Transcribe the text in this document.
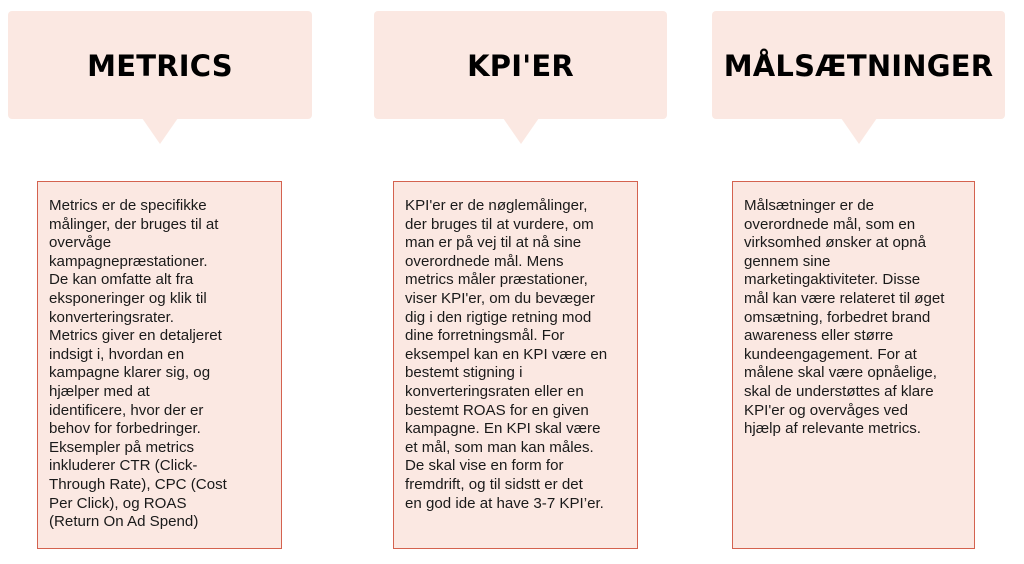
METRICS	KPI'ER	MÅLSÆTNINGER
Metrics er de specifikke
målinger, der bruges til at
overvåge
kampagnepræstationer.
De kan omfatte alt fra
eksponeringer og klik til
konverteringsrater.
Metrics giver en detaljeret
indsigt i, hvordan en
kampagne klarer sig, og
hjælper med at
identificere, hvor der er
behov for forbedringer.
Eksempler på metrics
inkluderer CTR (Click-
Through Rate), CPC (Cost
Per Click), og ROAS
(Return On Ad Spend)
KPI'er er de nøglemålinger,
der bruges til at vurdere, om
man er på vej til at nå sine
overordnede mål. Mens
metrics måler præstationer,
viser KPI'er, om du bevæger
dig i den rigtige retning mod
dine forretningsmål. For
eksempel kan en KPI være en
bestemt stigning i
konverteringsraten eller en
bestemt ROAS for en given
kampagne. En KPI skal være
et mål, som man kan måles.
De skal vise en form for
fremdrift, og til sidstt er det
en god ide at have 3-7 KPI’er.
Målsætninger er de
overordnede mål, som en
virksomhed ønsker at opnå
gennem sine
marketingaktiviteter. Disse
mål kan være relateret til øget
omsætning, forbedret brand
awareness eller større
kundeengagement. For at
målene skal være opnåelige,
skal de understøttes af klare
KPI'er og overvåges ved
hjælp af relevante metrics.
